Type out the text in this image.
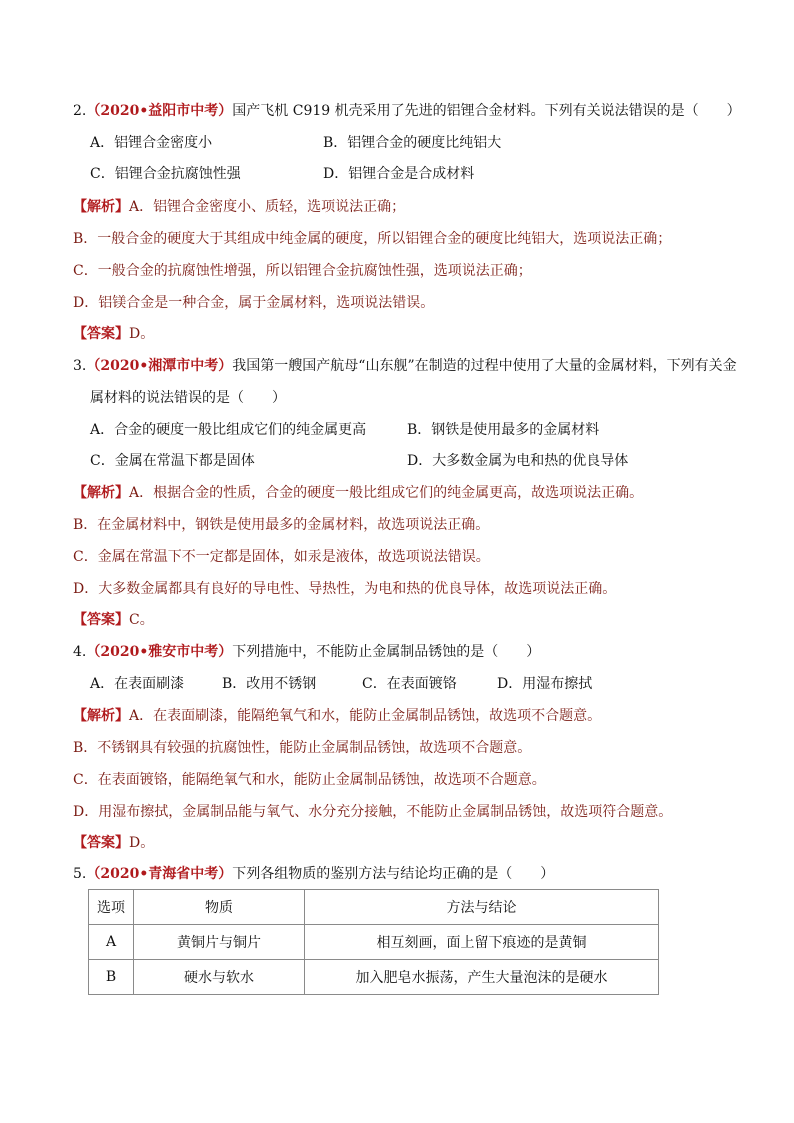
2.（2020•益阳市中考）国产飞机 C919 机壳采用了先进的铝锂合金材料。下列有关说法错误的是（　　）
A．铝锂合金密度小	B．铝锂合金的硬度比纯铝大
C．铝锂合金抗腐蚀性强	D．铝锂合金是合成材料
【解析】A．铝锂合金密度小、质轻，选项说法正确；
B．一般合金的硬度大于其组成中纯金属的硬度，所以铝锂合金的硬度比纯铝大，选项说法正确；
C．一般合金的抗腐蚀性增强，所以铝锂合金抗腐蚀性强，选项说法正确；
D．铝镁合金是一种合金，属于金属材料，选项说法错误。
【答案】D。
3.（2020•湘潭市中考）我国第一艘国产航母“山东舰”在制造的过程中使用了大量的金属材料，下列有关金
属材料的说法错误的是（　　）
A．合金的硬度一般比组成它们的纯金属更高	B．钢铁是使用最多的金属材料
C．金属在常温下都是固体	D．大多数金属为电和热的优良导体
【解析】A．根据合金的性质，合金的硬度一般比组成它们的纯金属更高，故选项说法正确。
B．在金属材料中，钢铁是使用最多的金属材料，故选项说法正确。
C．金属在常温下不一定都是固体，如汞是液体，故选项说法错误。
D．大多数金属都具有良好的导电性、导热性，为电和热的优良导体，故选项说法正确。
【答案】C。
4.（2020•雅安市中考）下列措施中，不能防止金属制品锈蚀的是（　　）
A．在表面刷漆	B．改用不锈钢	C．在表面镀铬	D．用湿布擦拭
【解析】A．在表面刷漆，能隔绝氧气和水，能防止金属制品锈蚀，故选项不合题意。
B．不锈钢具有较强的抗腐蚀性，能防止金属制品锈蚀，故选项不合题意。
C．在表面镀铬，能隔绝氧气和水，能防止金属制品锈蚀，故选项不合题意。
D．用湿布擦拭，金属制品能与氧气、水分充分接触，不能防止金属制品锈蚀，故选项符合题意。
【答案】D。
5.（2020•青海省中考）下列各组物质的鉴别方法与结论均正确的是（　　）
选项	物质	方法与结论
A	黄铜片与铜片	相互刻画，面上留下痕迹的是黄铜
B	硬水与软水	加入肥皂水振荡，产生大量泡沫的是硬水
